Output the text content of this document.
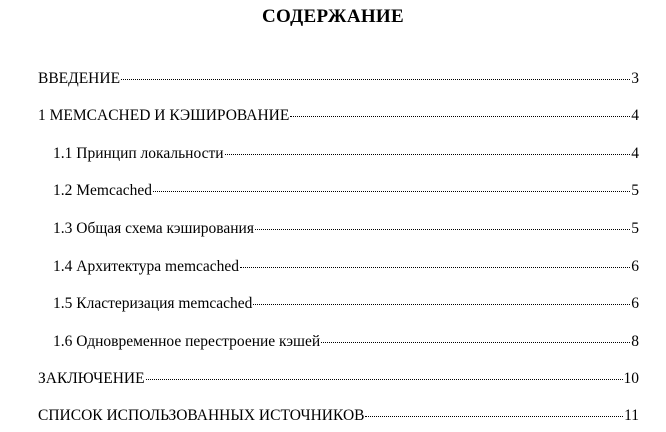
СОДЕРЖАНИЕ
ВВЕДЕНИЕ	3
1 MEMCACHED И КЭШИРОВАНИЕ	4
1.1 Принцип локальности	4
1.2 Memcached	5
1.3 Общая схема кэширования	5
1.4 Архитектура memcached	6
1.5 Кластеризация memcached	6
1.6 Одновременное перестроение кэшей	8
ЗАКЛЮЧЕНИЕ	10
СПИСОК ИСПОЛЬЗОВАННЫХ ИСТОЧНИКОВ	11
